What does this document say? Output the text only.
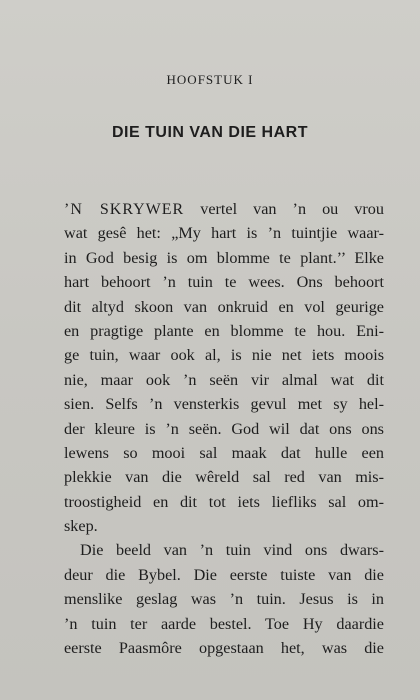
HOOFSTUK I
DIE TUIN VAN DIE HART
’N SKRYWER vertel van ’n ou vrou
wat gesê het: „My hart is ’n tuintjie waar-
in God besig is om blomme te plant.’’ Elke
hart behoort ’n tuin te wees. Ons behoort
dit altyd skoon van onkruid en vol geurige
en pragtige plante en blomme te hou. Eni-
ge tuin, waar ook al, is nie net iets moois
nie, maar ook ’n seën vir almal wat dit
sien. Selfs ’n vensterkis gevul met sy hel-
der kleure is ’n seën. God wil dat ons ons
lewens so mooi sal maak dat hulle een
plekkie van die wêreld sal red van mis-
troostigheid en dit tot iets liefliks sal om-
skep.
Die beeld van ’n tuin vind ons dwars-
deur die Bybel. Die eerste tuiste van die
menslike geslag was ’n tuin. Jesus is in
’n tuin ter aarde bestel. Toe Hy daardie
eerste Paasmôre opgestaan het, was die
